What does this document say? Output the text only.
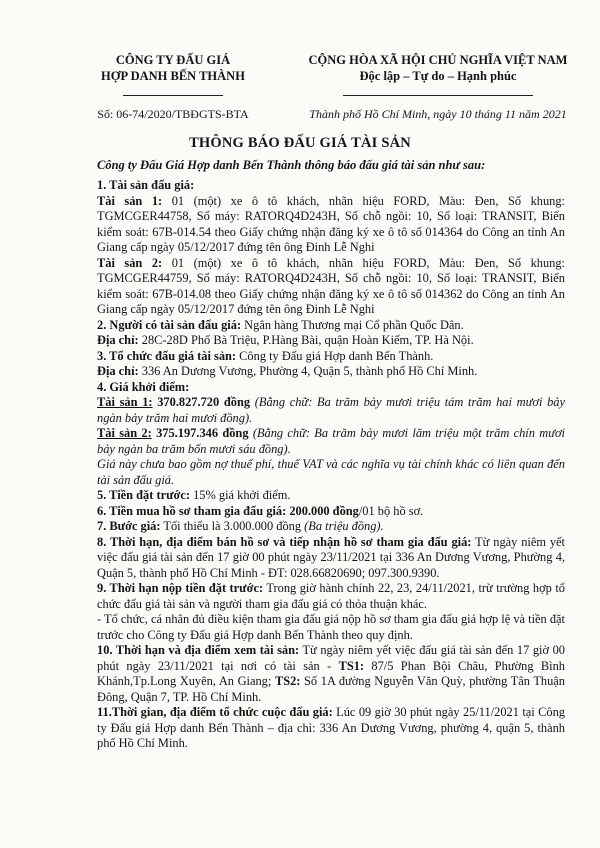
CÔNG TY ĐẤU GIÁ
HỢP DANH BẾN THÀNH
Số: 06-74/2020/TBĐGTS-BTA
CỘNG HÒA XÃ HỘI CHỦ NGHĨA VIỆT NAM
Độc lập – Tự do – Hạnh phúc
Thành phố Hồ Chí Minh, ngày 10 tháng 11 năm 2021
THÔNG BÁO ĐẤU GIÁ TÀI SẢN
Công ty Đấu Giá Hợp danh Bến Thành thông báo đấu giá tài sản như sau:

1. Tài sản đấu giá:

Tài sản 1: 01 (một) xe ô tô khách, nhãn hiệu FORD, Màu: Đen, Số khung: TGMCGER44758, Số máy: RATORQ4D243H, Số chỗ ngồi: 10, Số loại: TRANSIT, Biển kiểm soát: 67B-014.54 theo Giấy chứng nhận đăng ký xe ô tô số 014364 do Công an tỉnh An Giang cấp ngày 05/12/2017 đứng tên ông Đinh Lễ Nghi

Tài sản 2: 01 (một) xe ô tô khách, nhãn hiệu FORD, Màu: Đen, Số khung: TGMCGER44759, Số máy: RATORQ4D243H, Số chỗ ngồi: 10, Số loại: TRANSIT, Biển kiểm soát: 67B-014.08 theo Giấy chứng nhận đăng ký xe ô tô số 014362 do Công an tỉnh An Giang cấp ngày 05/12/2017 đứng tên ông Đinh Lễ Nghi

2. Người có tài sản đấu giá: Ngân hàng Thương mại Cổ phần Quốc Dân.

Địa chỉ: 28C-28D Phố Bà Triệu, P.Hàng Bài, quận Hoàn Kiếm, TP. Hà Nội.

3. Tổ chức đấu giá tài sản: Công ty Đấu giá Hợp danh Bến Thành.

Địa chỉ: 336 An Dương Vương, Phường 4, Quận 5, thành phố Hồ Chí Minh.

4. Giá khởi điểm:

Tài sản 1: 370.827.720 đồng (Bằng chữ: Ba trăm bảy mươi triệu tám trăm hai mươi bảy ngàn bảy trăm hai mươi đồng).

Tài sản 2: 375.197.346 đồng (Bằng chữ: Ba trăm bảy mươi lăm triệu một trăm chín mươi bảy ngàn ba trăm bốn mươi sáu đồng).

Giá này chưa bao gồm nợ thuế phí, thuế VAT và các nghĩa vụ tài chính khác có liên quan đến tài sản đấu giá.

5. Tiền đặt trước: 15% giá khởi điểm.

6. Tiền mua hồ sơ tham gia đấu giá: 200.000 đồng/01 bộ hồ sơ.

7. Bước giá: Tối thiểu là 3.000.000 đồng (Ba triệu đồng).

8. Thời hạn, địa điểm bán hồ sơ và tiếp nhận hồ sơ tham gia đấu giá: Từ ngày niêm yết việc đấu giá tài sản đến 17 giờ 00 phút ngày 23/11/2021 tại 336 An Dương Vương, Phường 4, Quận 5, thành phố Hồ Chí Minh - ĐT: 028.66820690; 097.300.9390.

9. Thời hạn nộp tiền đặt trước: Trong giờ hành chính 22, 23, 24/11/2021, trừ trường hợp tổ chức đấu giá tài sản và người tham gia đấu giá có thỏa thuận khác.

- Tổ chức, cá nhân đủ điều kiện tham gia đấu giá nộp hồ sơ tham gia đấu giá hợp lệ và tiền đặt trước cho Công ty Đấu giá Hợp danh Bến Thành theo quy định.

10. Thời hạn và địa điểm xem tài sản: Từ ngày niêm yết việc đấu giá tài sản đến 17 giờ 00 phút ngày 23/11/2021 tại nơi có tài sản - TS1: 87/5 Phan Bội Châu, Phường Bình Khánh,Tp.Long Xuyên, An Giang; TS2: Số 1A đường Nguyễn Văn Quỳ, phường Tân Thuận Đông, Quận 7, TP. Hồ Chí Minh.

11.Thời gian, địa điểm tổ chức cuộc đấu giá: Lúc 09 giờ 30 phút ngày 25/11/2021 tại Công ty Đấu giá Hợp danh Bến Thành – địa chỉ: 336 An Dương Vương, phường 4, quận 5, thành phố Hồ Chí Minh.
